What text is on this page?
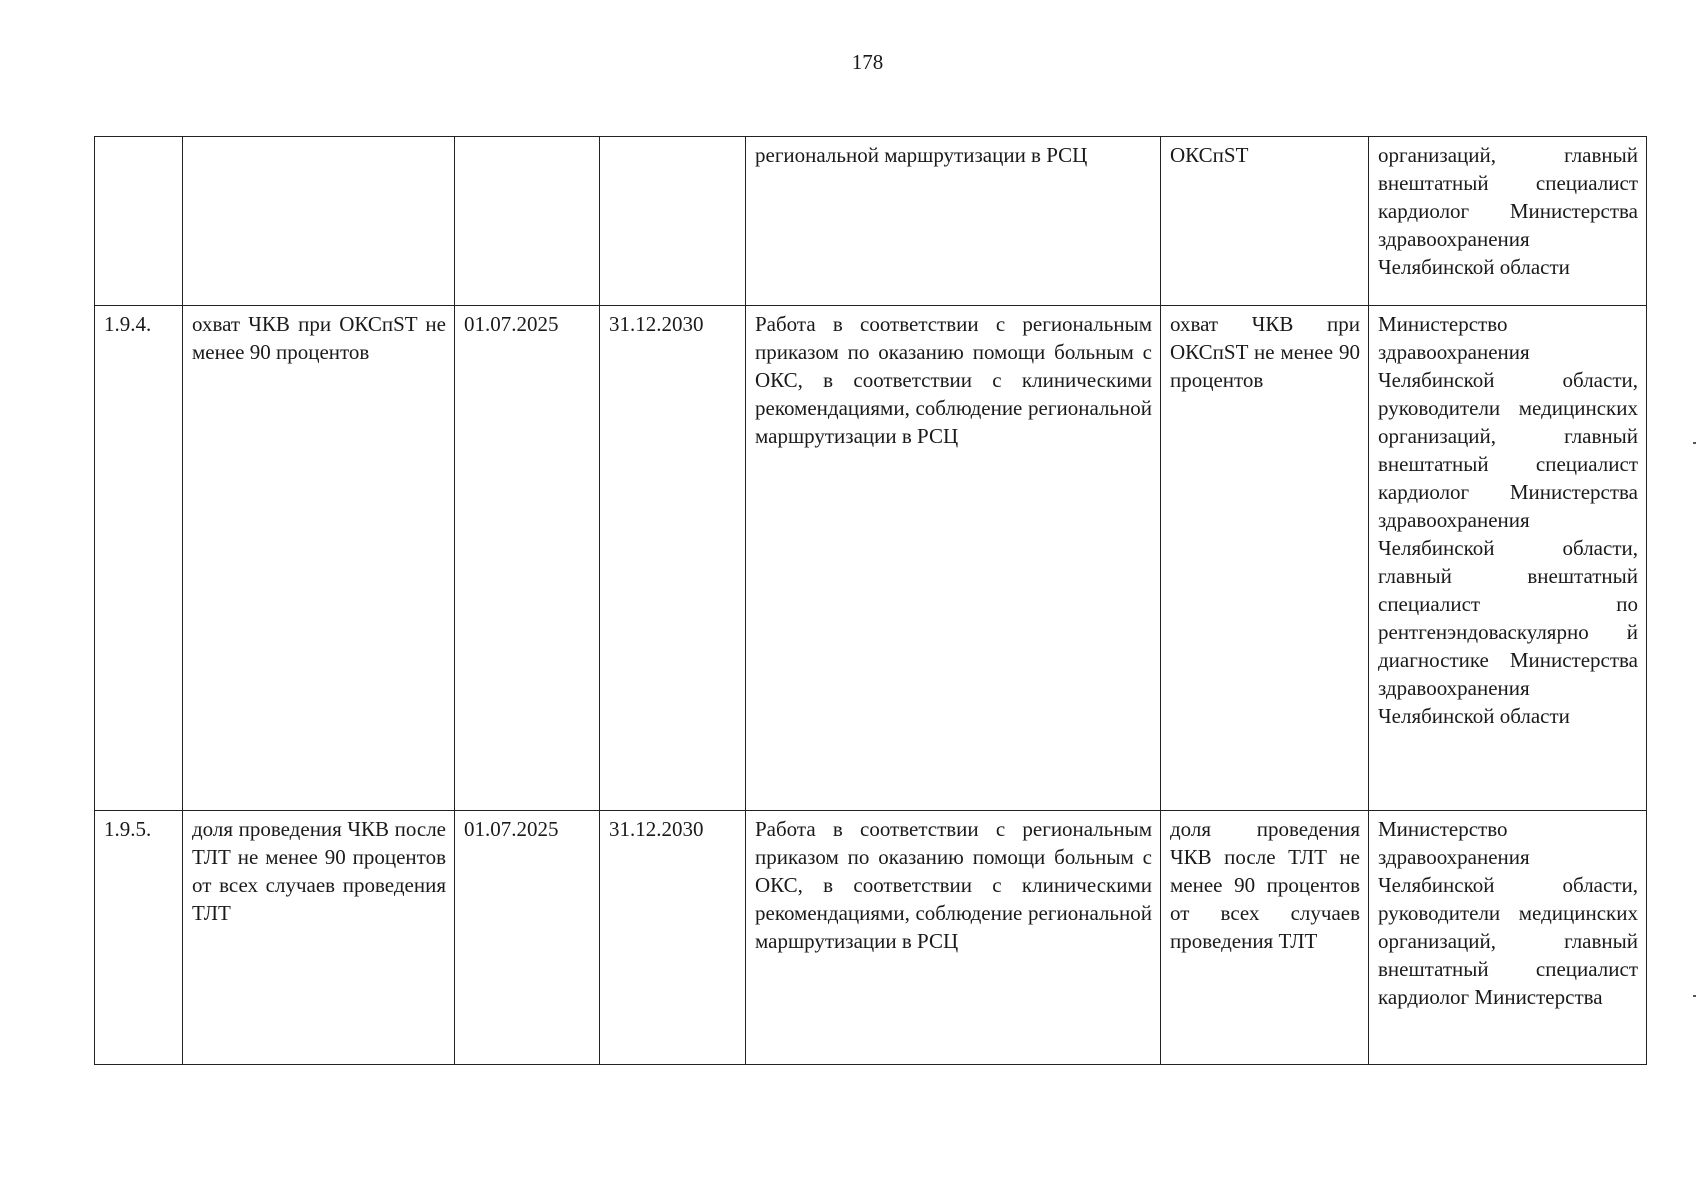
178
				региональной маршрутизации в РСЦ	ОКСпST	организаций, главный внештатный специалист кардиолог Министерства здравоохранения Челябинской области
1.9.4.	охват ЧКВ при ОКСпST не менее 90 процентов	01.07.2025	31.12.2030	Работа в соответствии с региональным приказом по оказанию помощи больным с ОКС, в соответствии с клиническими рекомендациями, соблюдение региональной маршрутизации в РСЦ	охват ЧКВ при ОКСпST не менее 90 процентов	Министерство здравоохранения Челябинской области, руководители медицинских организаций, главный внештатный специалист кардиолог Министерства здравоохранения Челябинской области, главный внештатный специалист по рентгенэндоваскулярно й диагностике Министерства здравоохранения Челябинской области
1.9.5.	доля проведения ЧКВ после ТЛТ не менее 90 процентов от всех случаев проведения ТЛТ	01.07.2025	31.12.2030	Работа в соответствии с региональным приказом по оказанию помощи больным с ОКС, в соответствии с клиническими рекомендациями, соблюдение региональной маршрутизации в РСЦ	доля проведения ЧКВ после ТЛТ не менее 90 процентов от всех случаев проведения ТЛТ	Министерство здравоохранения Челябинской области, руководители медицинских организаций, главный внештатный специалист кардиолог Министерства
